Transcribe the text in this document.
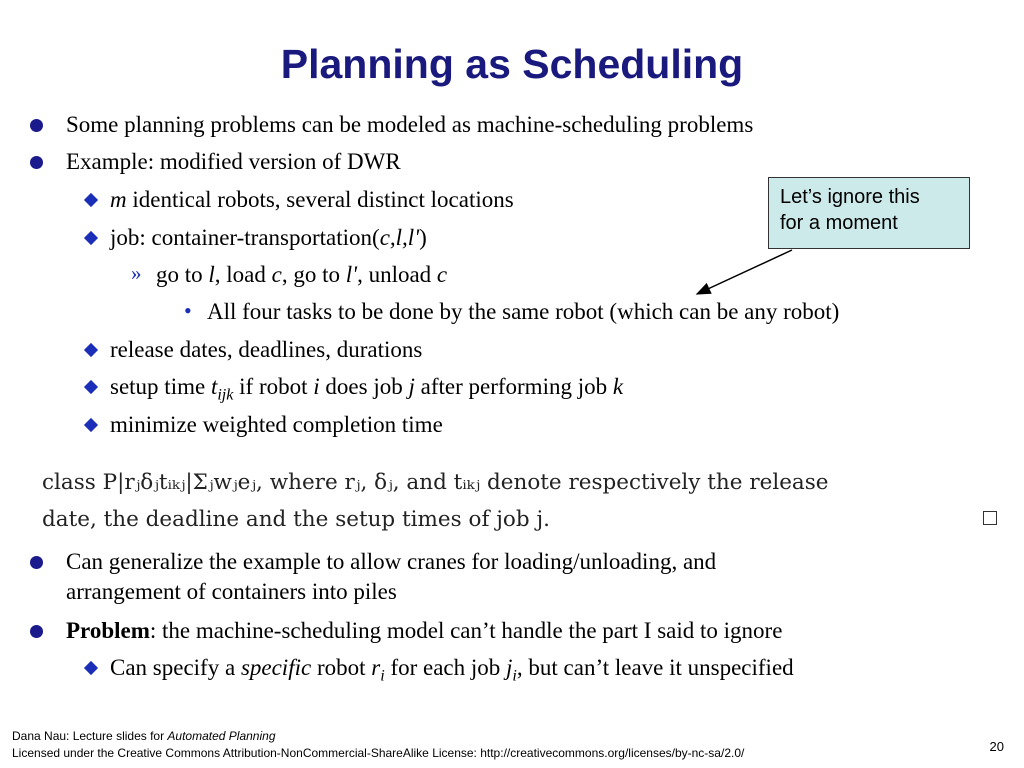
Planning as Scheduling
Some planning problems can be modeled as machine-scheduling problems
Example: modified version of DWR
m identical robots, several distinct locations
job: container-transportation(c,l,l')
» go to l, load c, go to l', unload c
• All four tasks to be done by the same robot (which can be any robot)
release dates, deadlines, durations
setup time $t_{ijk}$ if robot i does job j after performing job k
minimize weighted completion time
Let’s ignore this
for a moment
class P|rⱼδⱼtᵢₖⱼ|Σⱼwⱼeⱼ, where rⱼ, δⱼ, and tᵢₖⱼ denote respectively the release
date, the deadline and the setup times of job j.
Can generalize the example to allow cranes for loading/unloading, and
arrangement of containers into piles
Problem: the machine-scheduling model can’t handle the part I said to ignore
Can specify a specific robot $r_i$ for each job $j_i$, but can’t leave it unspecified
Dana Nau: Lecture slides for Automated Planning
Licensed under the Creative Commons Attribution-NonCommercial-ShareAlike License: http://creativecommons.org/licenses/by-nc-sa/2.0/	20
